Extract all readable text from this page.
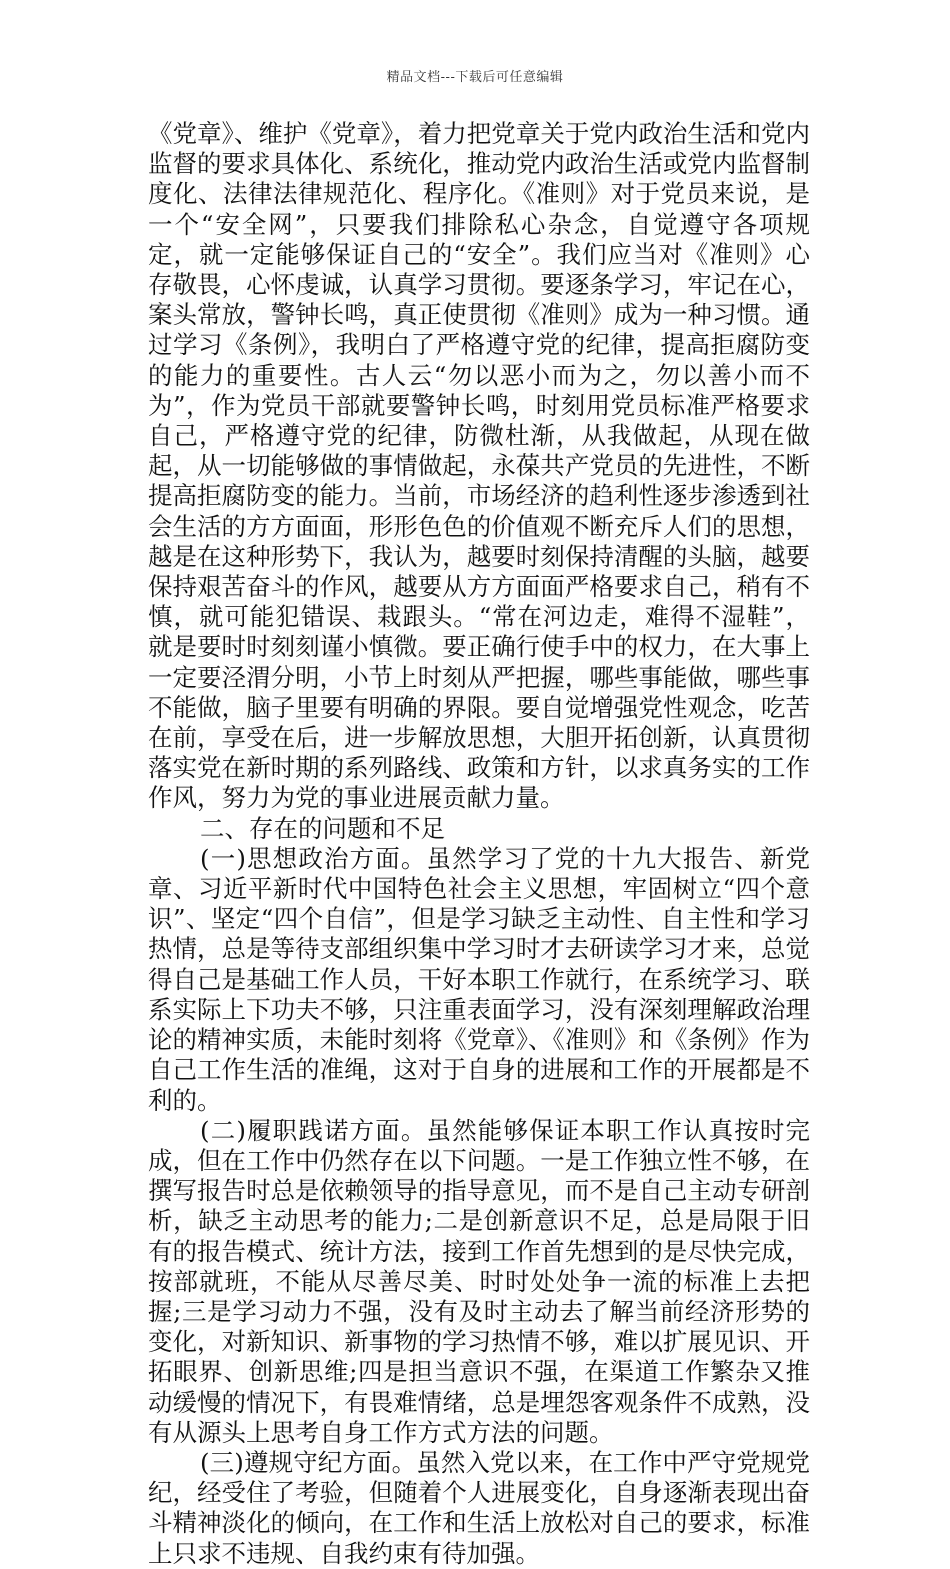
精品文档---下载后可任意编辑

《党章》、维护《党章》，着力把党章关于党内政治生活和党内监督的要求具体化、系统化，推动党内政治生活或党内监督制度化、法律法律规范化、程序化。《准则》对于党员来说，是一个“安全网”，只要我们排除私心杂念，自觉遵守各项规定，就一定能够保证自己的“安全”。我们应当对《准则》心存敬畏，心怀虔诚，认真学习贯彻。要逐条学习，牢记在心，案头常放，警钟长鸣，真正使贯彻《准则》成为一种习惯。通过学习《条例》，我明白了严格遵守党的纪律，提高拒腐防变的能力的重要性。古人云“勿以恶小而为之，勿以善小而不为”，作为党员干部就要警钟长鸣，时刻用党员标准严格要求自己，严格遵守党的纪律，防微杜渐，从我做起，从现在做起，从一切能够做的事情做起，永葆共产党员的先进性，不断提高拒腐防变的能力。当前，市场经济的趋利性逐步渗透到社会生活的方方面面，形形色色的价值观不断充斥人们的思想，越是在这种形势下，我认为，越要时刻保持清醒的头脑，越要保持艰苦奋斗的作风，越要从方方面面严格要求自己，稍有不慎，就可能犯错误、栽跟头。“常在河边走，难得不湿鞋”，就是要时时刻刻谨小慎微。要正确行使手中的权力，在大事上一定要泾渭分明，小节上时刻从严把握，哪些事能做，哪些事不能做，脑子里要有明确的界限。要自觉增强党性观念，吃苦在前，享受在后，进一步解放思想，大胆开拓创新，认真贯彻落实党在新时期的系列路线、政策和方针，以求真务实的工作作风，努力为党的事业进展贡献力量。

二、存在的问题和不足

(一)思想政治方面。虽然学习了党的十九大报告、新党章、习近平新时代中国特色社会主义思想，牢固树立“四个意识”、坚定“四个自信”，但是学习缺乏主动性、自主性和学习热情，总是等待支部组织集中学习时才去研读学习才来，总觉得自己是基础工作人员，干好本职工作就行，在系统学习、联系实际上下功夫不够，只注重表面学习，没有深刻理解政治理论的精神实质，未能时刻将《党章》、《准则》和《条例》作为自己工作生活的准绳，这对于自身的进展和工作的开展都是不利的。

(二)履职践诺方面。虽然能够保证本职工作认真按时完成，但在工作中仍然存在以下问题。一是工作独立性不够，在撰写报告时总是依赖领导的指导意见，而不是自己主动专研剖析，缺乏主动思考的能力;二是创新意识不足，总是局限于旧有的报告模式、统计方法，接到工作首先想到的是尽快完成，按部就班，不能从尽善尽美、时时处处争一流的标准上去把握;三是学习动力不强，没有及时主动去了解当前经济形势的变化，对新知识、新事物的学习热情不够，难以扩展见识、开拓眼界、创新思维;四是担当意识不强，在渠道工作繁杂又推动缓慢的情况下，有畏难情绪，总是埋怨客观条件不成熟，没有从源头上思考自身工作方式方法的问题。

(三)遵规守纪方面。虽然入党以来，在工作中严守党规党纪，经受住了考验，但随着个人进展变化，自身逐渐表现出奋斗精神淡化的倾向，在工作和生活上放松对自己的要求，标准上只求不违规、自我约束有待加强。
